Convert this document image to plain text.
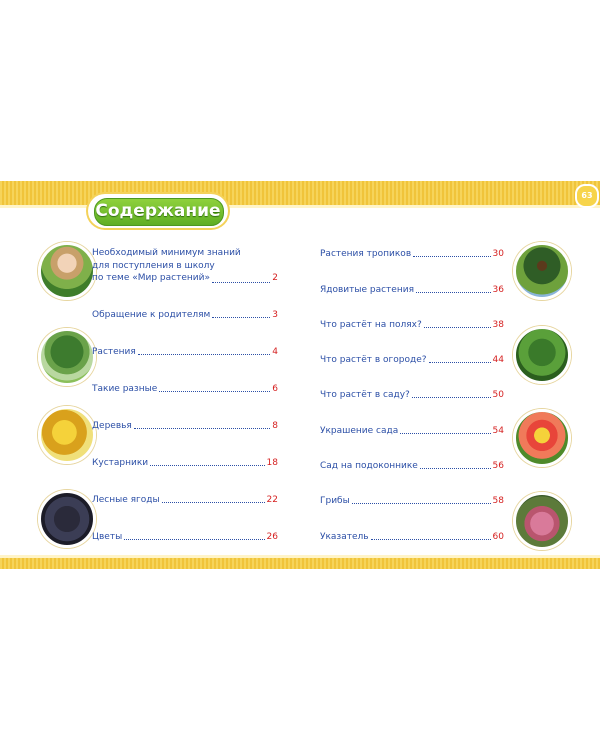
Содержание
63
Необходимый минимум знаний
для поступления в школу
по теме «Мир растений»	2
Обращение к родителям	3
Растения	4
Такие разные	6
Деревья	8
Кустарники	18
Лесные ягоды	22
Цветы	26
Растения тропиков	30
Ядовитые растения	36
Что растёт на полях?	38
Что растёт в огороде?	44
Что растёт в саду?	50
Украшение сада	54
Сад на подоконнике	56
Грибы	58
Указатель	60
